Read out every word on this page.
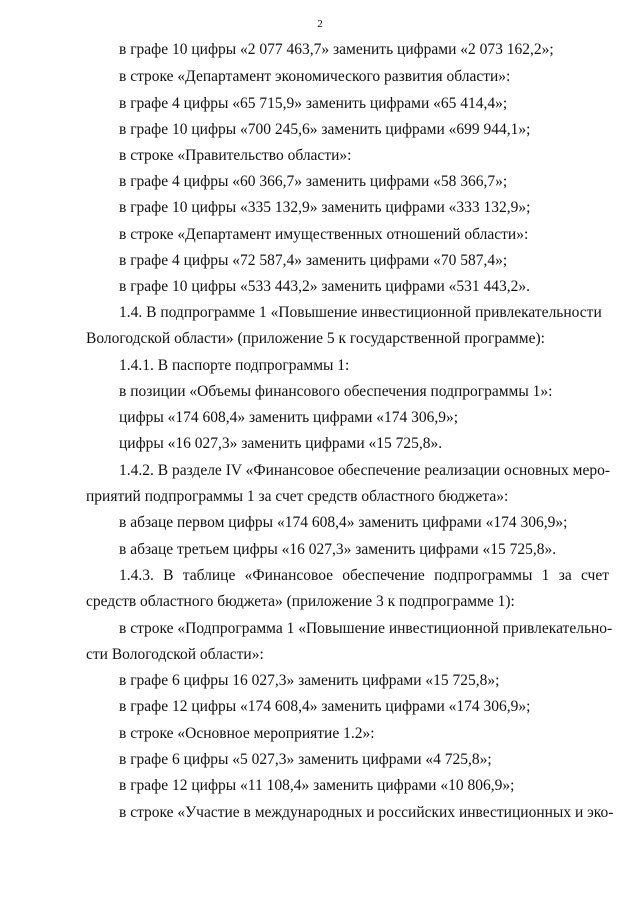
2
в графе 10 цифры «2 077 463,7» заменить цифрами «2 073 162,2»;
в строке «Департамент экономического развития области»:
в графе 4 цифры «65 715,9» заменить цифрами «65 414,4»;
в графе 10 цифры «700 245,6» заменить цифрами «699 944,1»;
в строке «Правительство области»:
в графе 4 цифры «60 366,7» заменить цифрами «58 366,7»;
в графе 10 цифры «335 132,9» заменить цифрами «333 132,9»;
в строке «Департамент имущественных отношений области»:
в графе 4 цифры «72 587,4» заменить цифрами «70 587,4»;
в графе 10 цифры «533 443,2» заменить цифрами «531 443,2».
1.4. В подпрограмме 1 «Повышение инвестиционной привлекательности
Вологодской области» (приложение 5 к государственной программе):
1.4.1. В паспорте подпрограммы 1:
в позиции «Объемы финансового обеспечения подпрограммы 1»:
цифры «174 608,4» заменить цифрами «174 306,9»;
цифры «16 027,3» заменить цифрами «15 725,8».
1.4.2. В разделе IV «Финансовое обеспечение реализации основных меро-
приятий подпрограммы 1 за счет средств областного бюджета»:
в абзаце первом цифры «174 608,4» заменить цифрами «174 306,9»;
в абзаце третьем цифры «16 027,3» заменить цифрами «15 725,8».
1.4.3. В таблице «Финансовое обеспечение подпрограммы 1 за счет
средств областного бюджета» (приложение 3 к подпрограмме 1):
в строке «Подпрограмма 1 «Повышение инвестиционной привлекательно-
сти Вологодской области»:
в графе 6 цифры 16 027,3» заменить цифрами «15 725,8»;
в графе 12 цифры «174 608,4» заменить цифрами «174 306,9»;
в строке «Основное мероприятие 1.2»:
в графе 6 цифры «5 027,3» заменить цифрами «4 725,8»;
в графе 12 цифры «11 108,4» заменить цифрами «10 806,9»;
в строке «Участие в международных и российских инвестиционных и эко-
